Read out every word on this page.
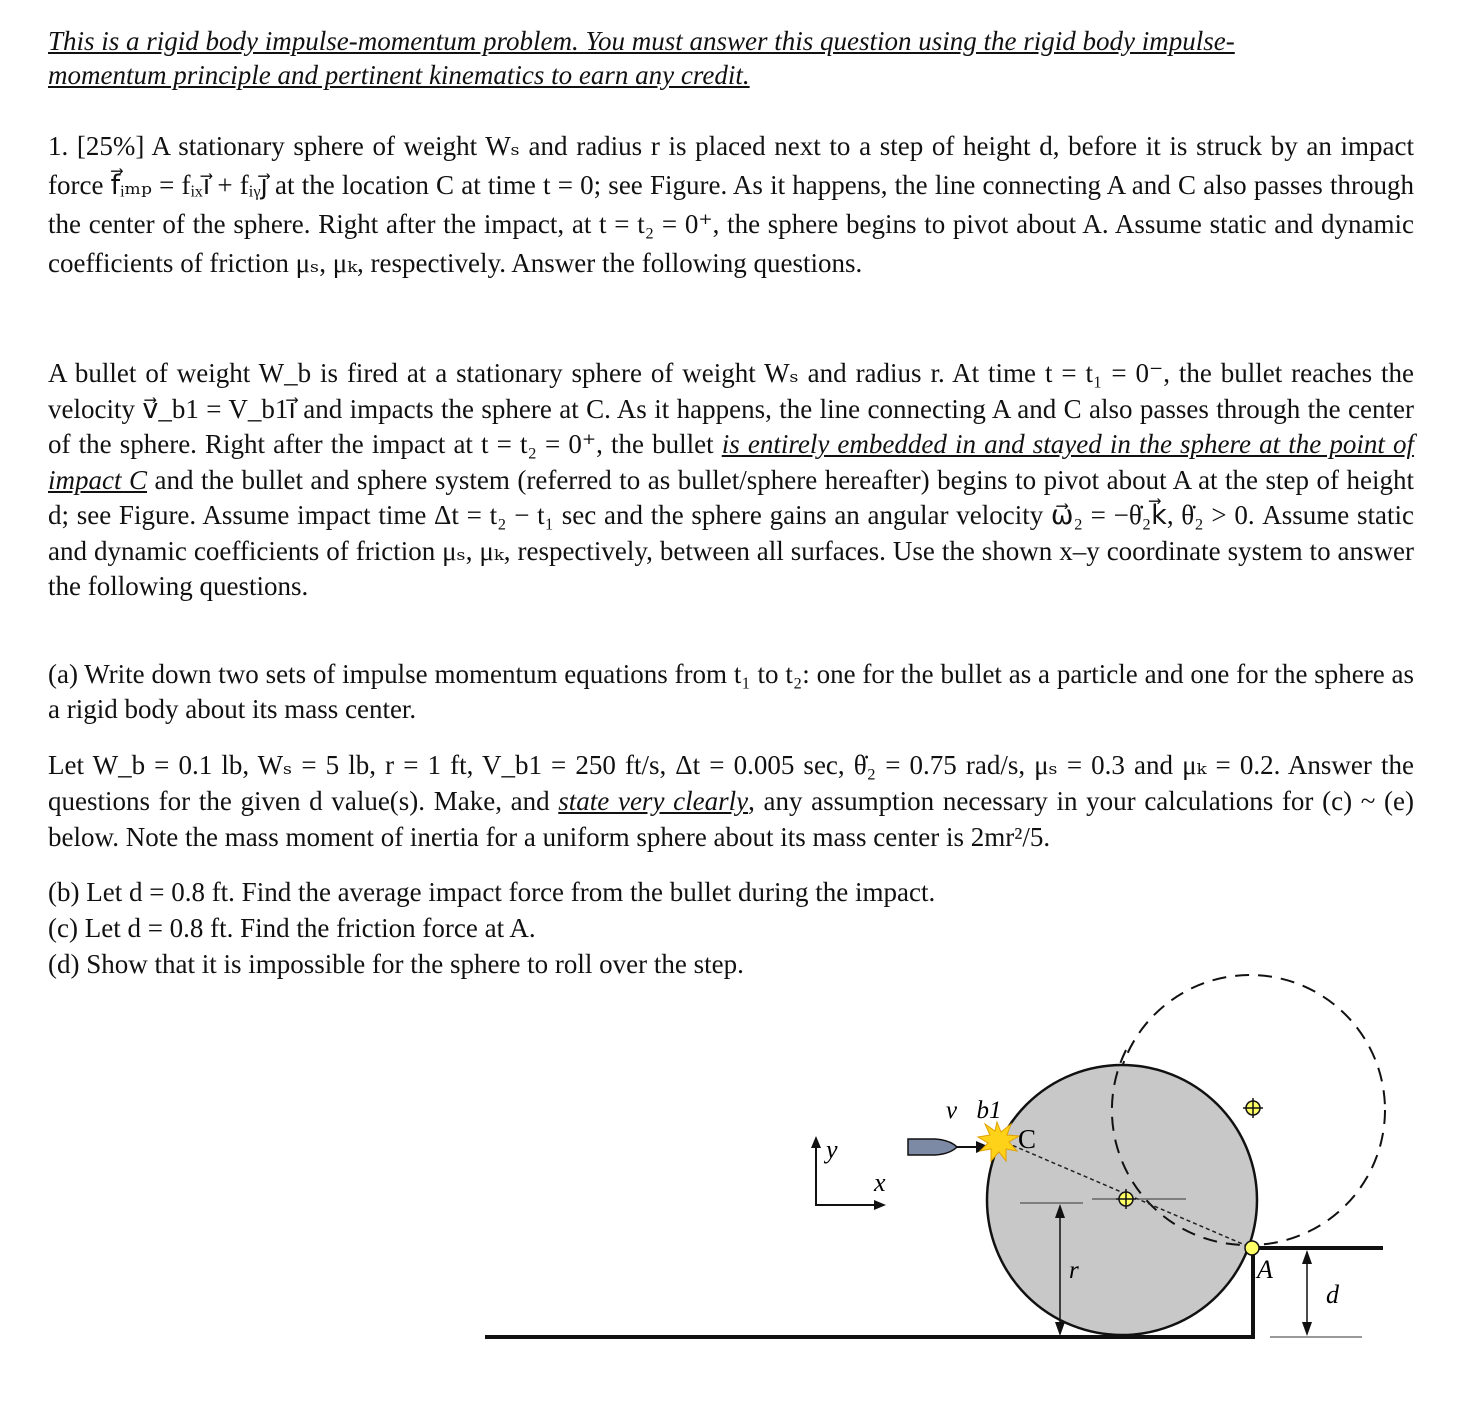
This is a rigid body impulse-momentum problem. You must answer this question using the rigid body impulse-
momentum principle and pertinent kinematics to earn any credit.
1. [25%] A stationary sphere of weight Wₛ and radius r is placed next to a step of height d, before it is struck by an impact force f⃗ᵢₘₚ = fᵢₓı⃗ + fᵢᵧȷ⃗ at the location C at time t = 0; see Figure. As it happens, the line connecting A and C also passes through the center of the sphere. Right after the impact, at t = t₂ = 0⁺, the sphere begins to pivot about A. Assume static and dynamic coefficients of friction μₛ, μₖ, respectively. Answer the following questions.
A bullet of weight W_b is fired at a stationary sphere of weight Wₛ and radius r. At time t = t₁ = 0⁻, the bullet reaches the velocity v⃗_b1 = V_b1ı⃗ and impacts the sphere at C. As it happens, the line connecting A and C also passes through the center of the sphere. Right after the impact at t = t₂ = 0⁺, the bullet is entirely embedded in and stayed in the sphere at the point of impact C and the bullet and sphere system (referred to as bullet/sphere hereafter) begins to pivot about A at the step of height d; see Figure. Assume impact time Δt = t₂ − t₁ sec and the sphere gains an angular velocity ω⃗₂ = −θ̇₂k⃗, θ̇₂ > 0. Assume static and dynamic coefficients of friction μₛ, μₖ, respectively, between all surfaces. Use the shown x–y coordinate system to answer the following questions.
(a) Write down two sets of impulse momentum equations from t₁ to t₂: one for the bullet as a particle and one for the sphere as a rigid body about its mass center.
Let W_b = 0.1 lb, Wₛ = 5 lb, r = 1 ft, V_b1 = 250 ft/s, Δt = 0.005 sec, θ̇₂ = 0.75 rad/s, μₛ = 0.3 and μₖ = 0.2. Answer the questions for the given d value(s). Make, and state very clearly, any assumption necessary in your calculations for (c) ~ (e) below. Note the mass moment of inertia for a uniform sphere about its mass center is 2mr²/5.
(b) Let d = 0.8 ft. Find the average impact force from the bullet during the impact.
(c) Let d = 0.8 ft. Find the friction force at A.
(d) Show that it is impossible for the sphere to roll over the step.
y
x
v⃗b1
C
r	A
d
